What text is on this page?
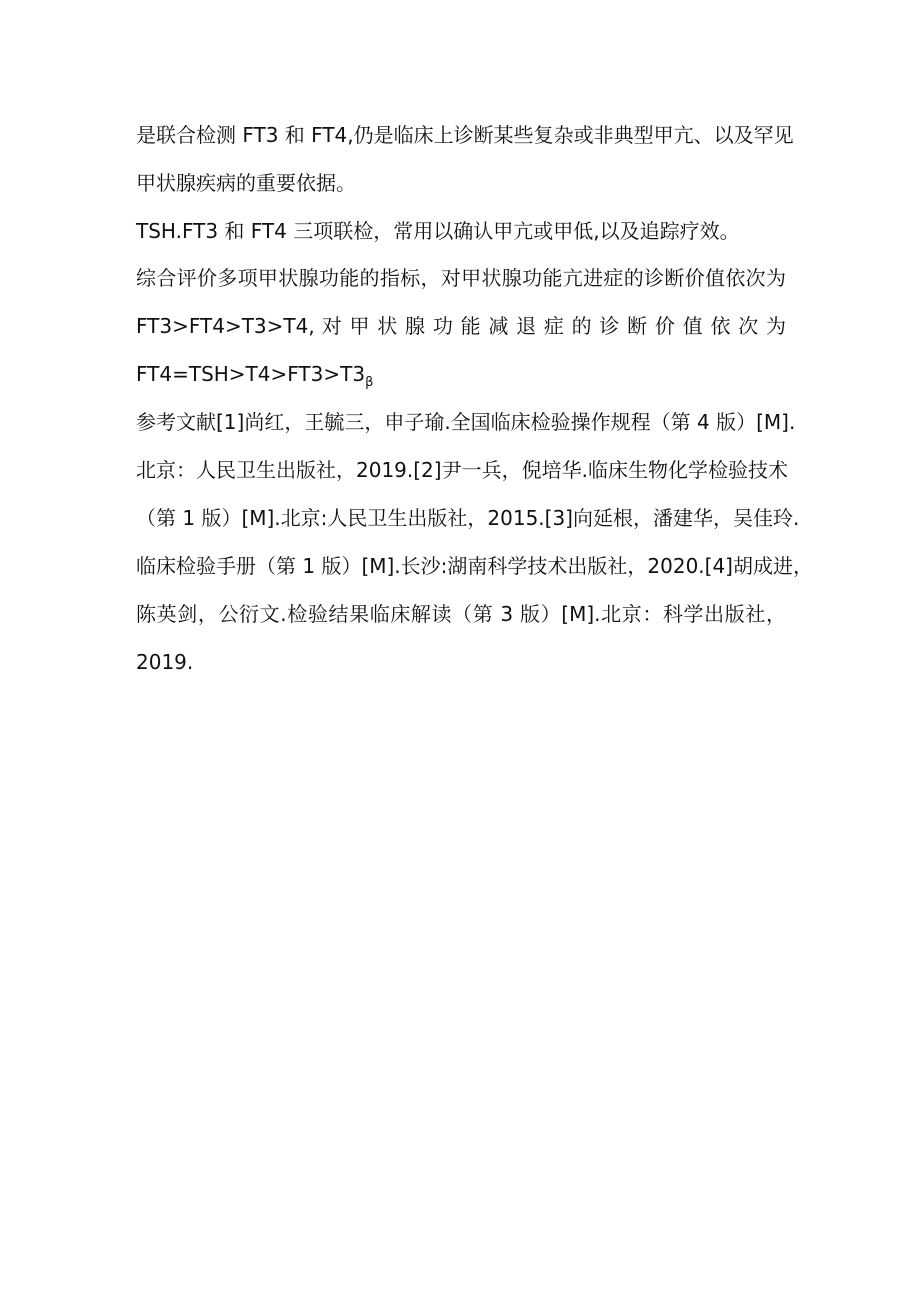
是联合检测 FT3 和 FT4,仍是临床上诊断某些复杂或非典型甲亢、以及罕见
甲状腺疾病的重要依据。
TSH.FT3 和 FT4 三项联检，常用以确认甲亢或甲低,以及追踪疗效。
综合评价多项甲状腺功能的指标，对甲状腺功能亢进症的诊断价值依次为
FT3>FT4>T3>T4, 对 甲 状 腺 功 能 减 退 症 的 诊 断 价 值 依 次 为
$FT4=TSH>T4>FT3>T3_\beta$
参考文献[1]尚红，王毓三，申子瑜.全国临床检验操作规程（第 4 版）[M].
北京：人民卫生出版社，2019.[2]尹一兵，倪培华.临床生物化学检验技术
（第 1 版）[M].北京:人民卫生出版社，2015.[3]向延根，潘建华，吴佳玲.
临床检验手册（第 1 版）[M].长沙:湖南科学技术出版社，2020.[4]胡成进，
陈英剑，公衍文.检验结果临床解读（第 3 版）[M].北京：科学出版社，
2019.
